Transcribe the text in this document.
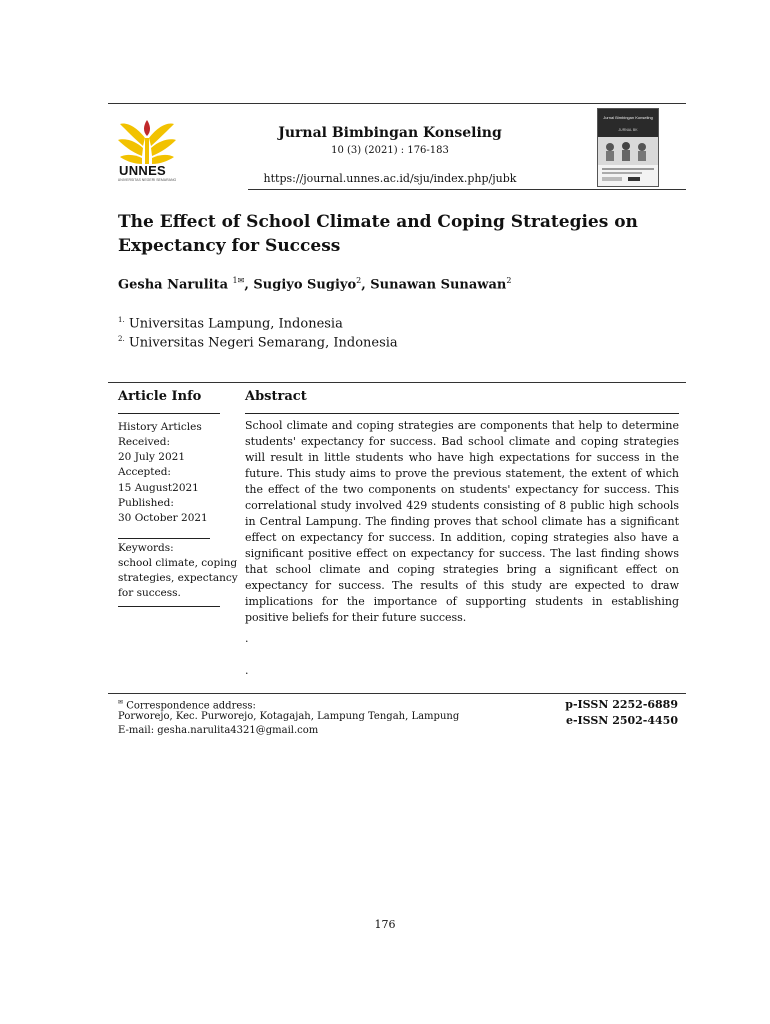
UNNES
UNIVERSITAS NEGERI SEMARANG
Jurnal Bimbingan Konseling
10 (3) (2021) : 176-183
https://journal.unnes.ac.id/sju/index.php/jubk
Jurnal Bimbingan Konseling
JURNAL BK
The Effect of School Climate and Coping Strategies on Expectancy for Success
Gesha Narulita $^{1✉}$, Sugiyo Sugiyo$^2$, Sunawan Sunawan$^2$
$^{1.}$ Universitas Lampung, Indonesia
$^{2.}$ Universitas Negeri Semarang, Indonesia
Article Info
History Articles
Received:
20 July 2021
Accepted:
15 August2021
Published:
30 October 2021
Keywords:
school climate, coping
strategies, expectancy
for success.
Abstract
School climate and coping strategies are components that help to determine students' expectancy for success. Bad school climate and coping strategies will result in little students who have high expectations for success in the future. This study aims to prove the previous statement, the extent of which the effect of the two components on students' expectancy for success. This correlational study involved 429 students consisting of 8 public high schools in Central Lampung. The finding proves that school climate has a significant effect on expectancy for success. In addition, coping strategies also have a significant positive effect on expectancy for success. The last finding shows that school climate and coping strategies bring a significant effect on expectancy for success. The results of this study are expected to draw implications for the importance of supporting students in establishing positive beliefs for their future success.
.
.
✉ Correspondence address:
Porworejo, Kec. Purworejo, Kotagajah, Lampung Tengah, Lampung
E-mail: gesha.narulita4321@gmail.com
p-ISSN 2252-6889
e-ISSN 2502-4450
176
